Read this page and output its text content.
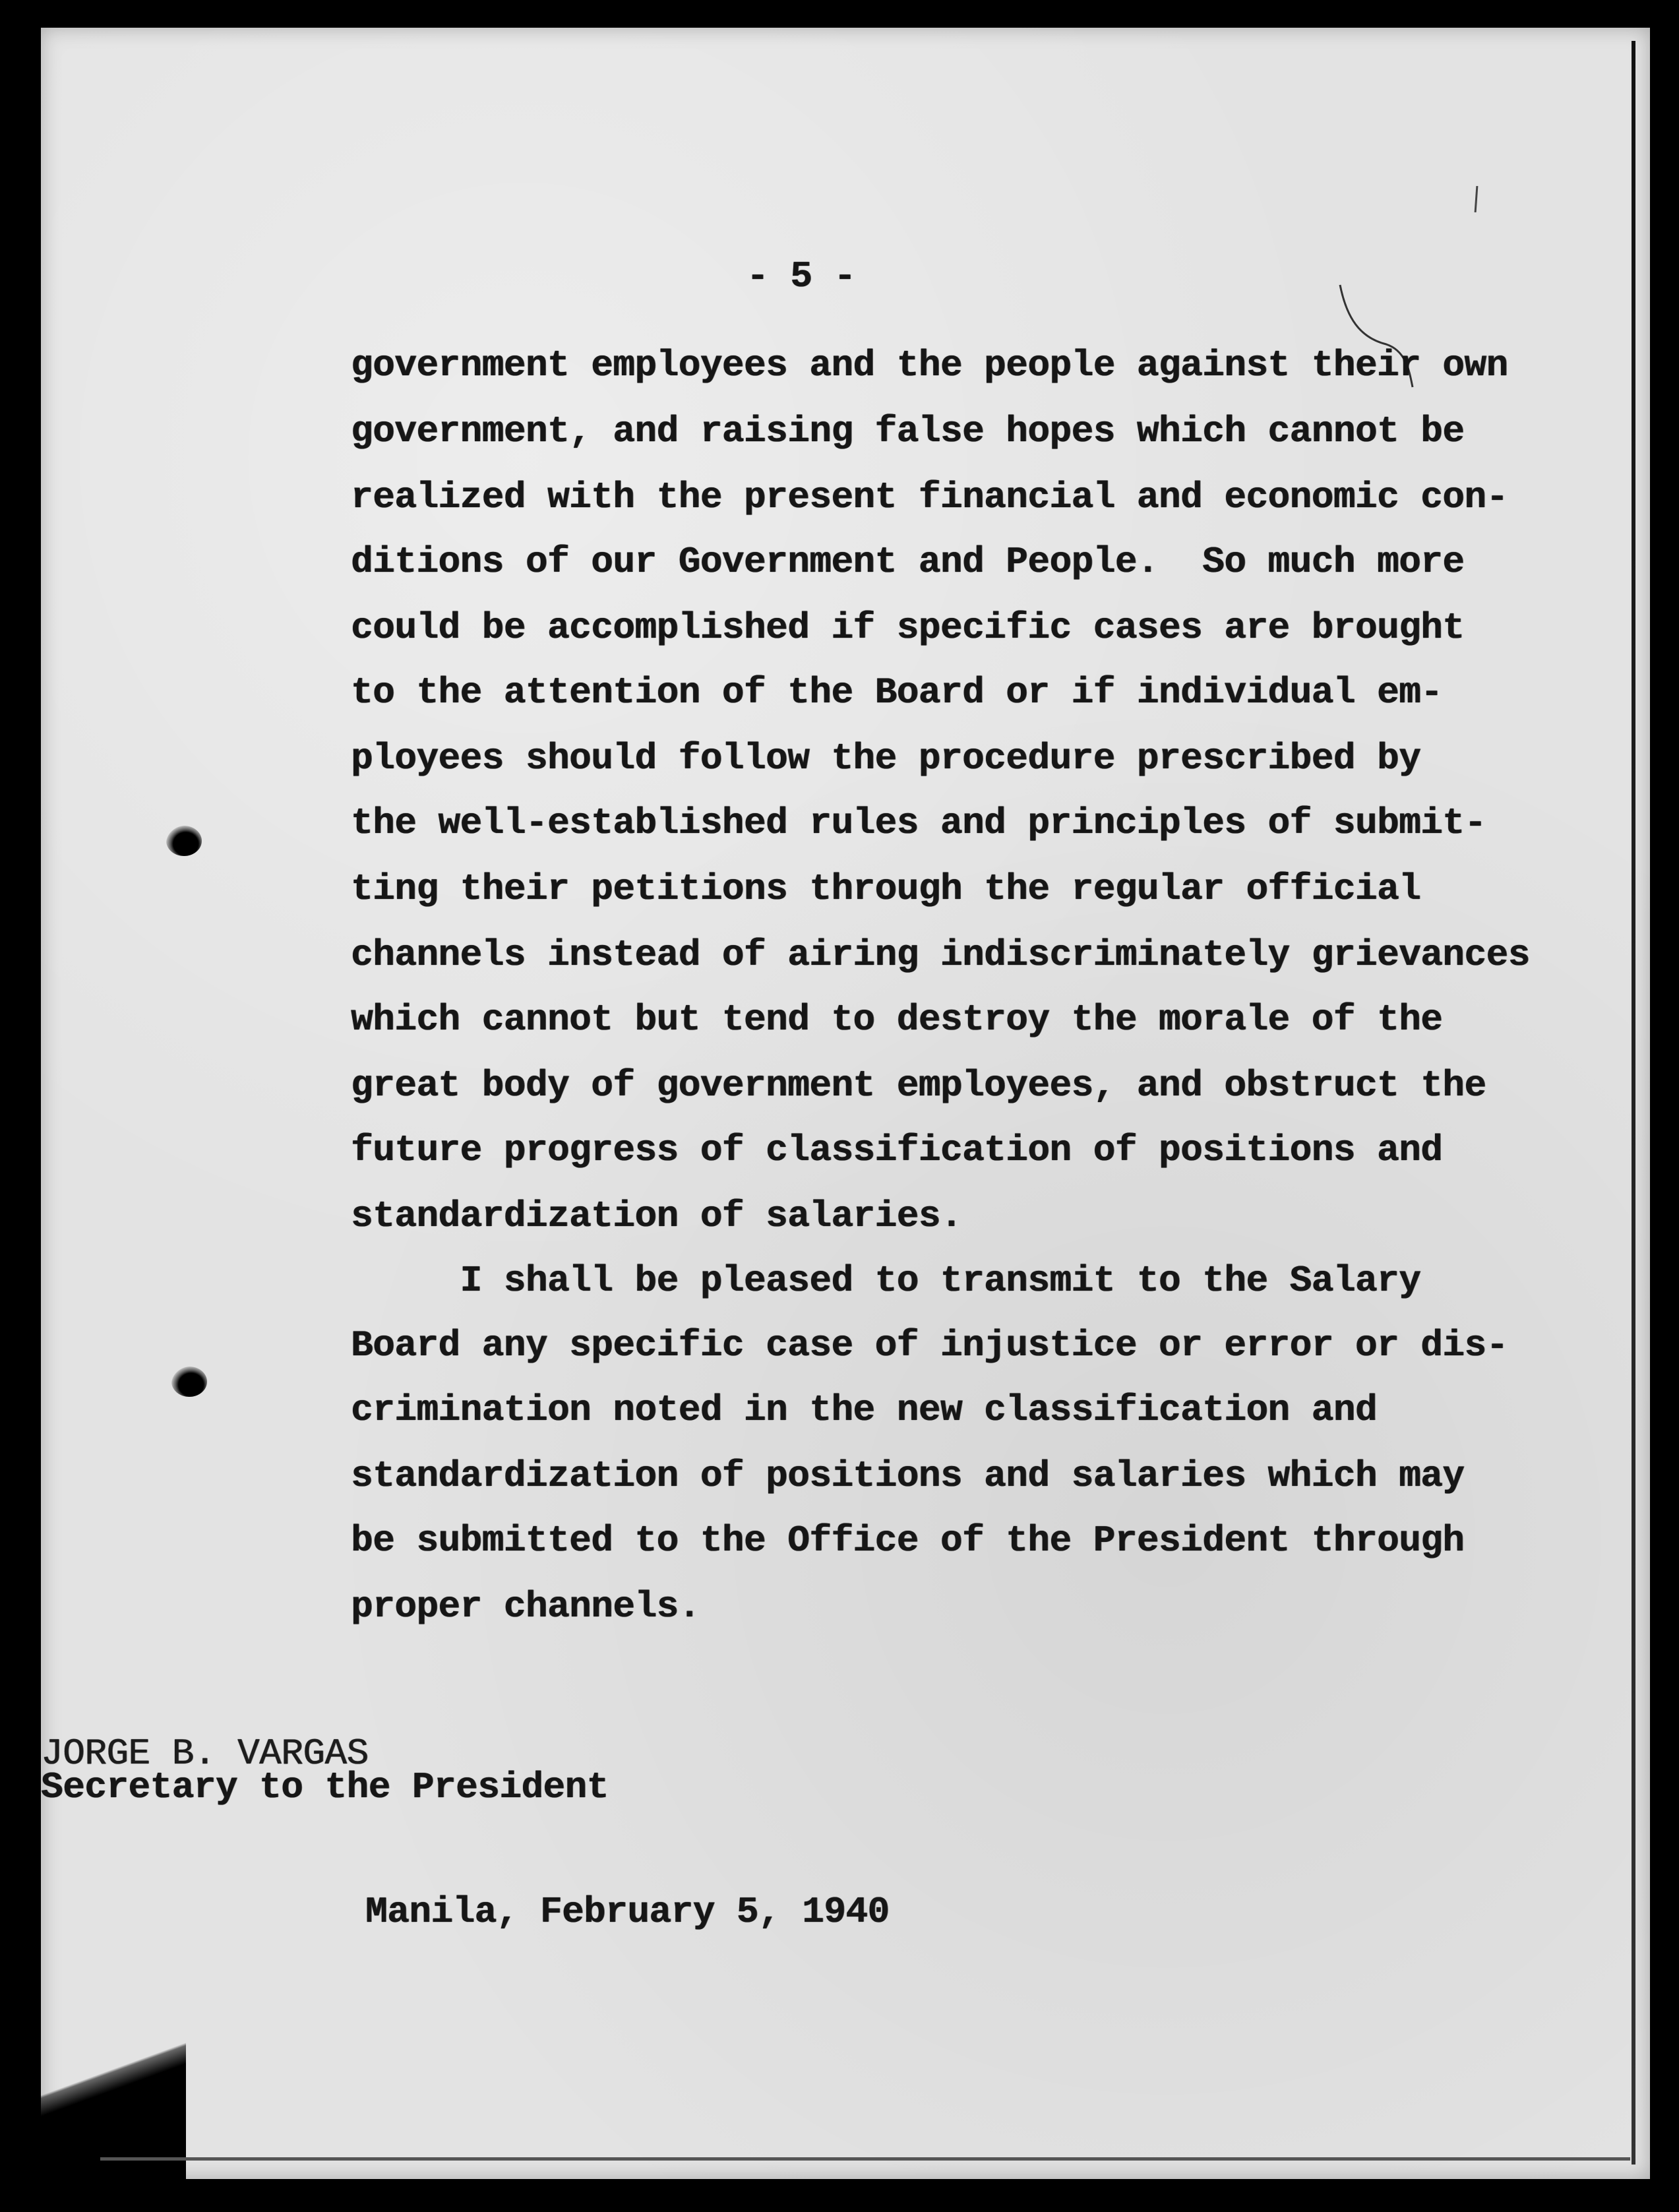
- 5 -
government employees and the people against their own
government, and raising false hopes which cannot be
realized with the present financial and economic con-
ditions of our Government and People.  So much more
could be accomplished if specific cases are brought
to the attention of the Board or if individual em-
ployees should follow the procedure prescribed by
the well-established rules and principles of submit-
ting their petitions through the regular official
channels instead of airing indiscriminately grievances
which cannot but tend to destroy the morale of the
great body of government employees, and obstruct the
future progress of classification of positions and
standardization of salaries.
I shall be pleased to transmit to the Salary
Board any specific case of injustice or error or dis-
crimination noted in the new classification and
standardization of positions and salaries which may
be submitted to the Office of the President through
proper channels.
JORGE B. VARGAS
Secretary to the President
Manila, February 5, 1940
